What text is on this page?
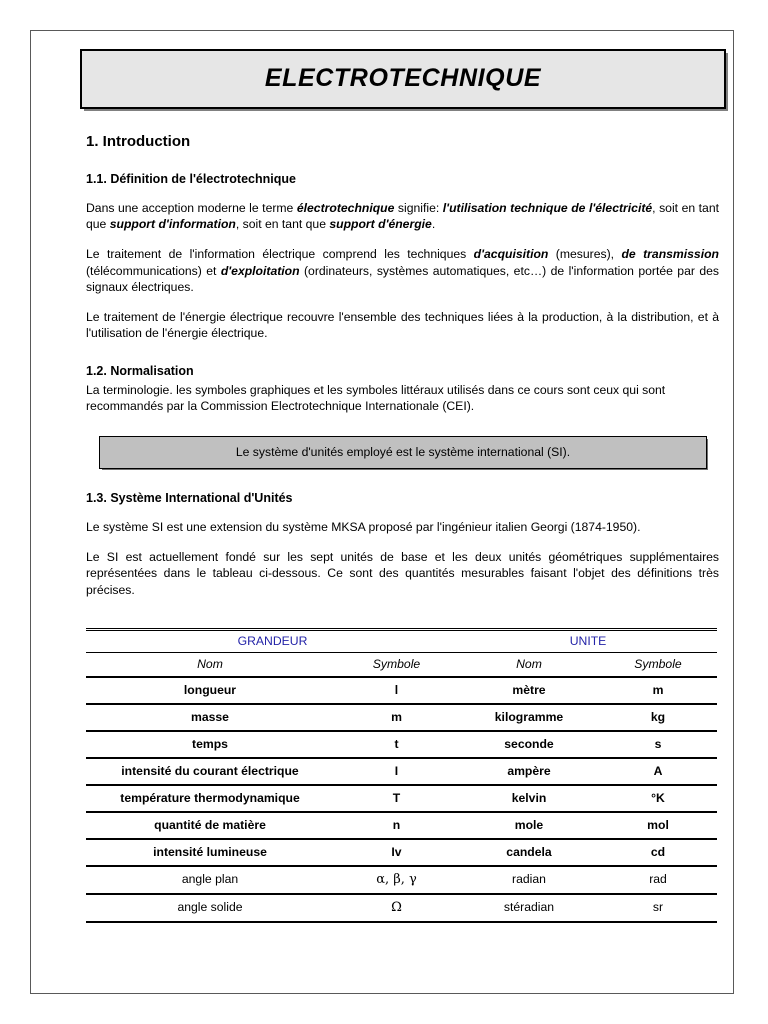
ELECTROTECHNIQUE
1. Introduction
1.1. Définition de l'électrotechnique

Dans une acception moderne le terme électrotechnique signifie: l'utilisation technique de l'électricité, soit en tant que support d'information, soit en tant que support d'énergie.

Le traitement de l'information électrique comprend les techniques d'acquisition (mesures), de transmission (télécommunications) et d'exploitation (ordinateurs, systèmes automatiques, etc…) de l'information portée par des signaux électriques.

Le traitement de l'énergie électrique recouvre l'ensemble des techniques liées à la production, à la distribution, et à l'utilisation de l'énergie électrique.

1.2. Normalisation

La terminologie. les symboles graphiques et les symboles littéraux utilisés dans ce cours sont ceux qui sont recommandés par la Commission Electrotechnique Internationale (CEI).

Le système d'unités employé est le système international (SI).
1.3. Système International d'Unités

Le système SI est une extension du système MKSA proposé par l'ingénieur italien Georgi (1874-1950).

Le SI est actuellement fondé sur les sept unités de base et les deux unités géométriques supplémentaires représentées dans le tableau ci-dessous. Ce sont des quantités mesurables faisant l'objet des définitions très précises.

GRANDEUR		UNITE	
Nom	Symbole	Nom	Symbole
longueur	l	mètre	m
masse	m	kilogramme	kg
temps	t	seconde	s
intensité du courant électrique	I	ampère	A
température thermodynamique	T	kelvin	°K
quantité de matière	n	mole	mol
intensité lumineuse	Iv	candela	cd
angle plan	α, β, γ	radian	rad
angle solide	Ω	stéradian	sr
